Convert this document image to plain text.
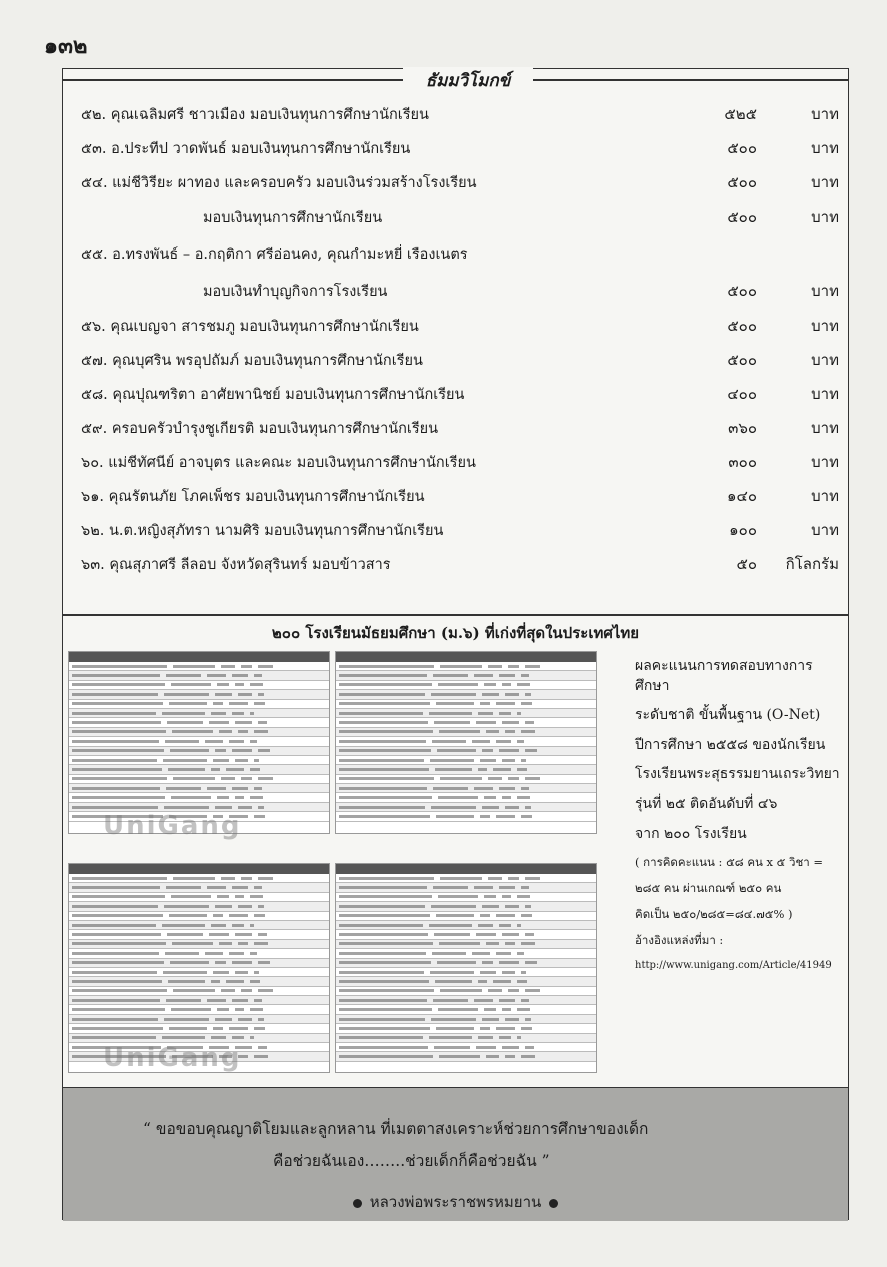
๑๓๒
ธัมมวิโมกข์
๕๒. คุณเฉลิมศรี ชาวเมือง มอบเงินทุนการศึกษานักเรียน	๕๒๕	บาท
๕๓. อ.ประทีป วาดพันธ์ มอบเงินทุนการศึกษานักเรียน	๕๐๐	บาท
๕๔. แม่ชีวิรียะ ผาทอง และครอบครัว มอบเงินร่วมสร้างโรงเรียน	๕๐๐	บาท
มอบเงินทุนการศึกษานักเรียน	๕๐๐	บาท
๕๕. อ.ทรงพันธ์ – อ.กฤติกา ศรีอ่อนคง, คุณกำมะหยี่ เรืองเนตร
มอบเงินทำบุญกิจการโรงเรียน	๕๐๐	บาท
๕๖. คุณเบญจา สารชมภู มอบเงินทุนการศึกษานักเรียน	๕๐๐	บาท
๕๗. คุณบุศริน พรอุปถัมภ์ มอบเงินทุนการศึกษานักเรียน	๕๐๐	บาท
๕๘. คุณปุณฑริตา อาศัยพานิชย์ มอบเงินทุนการศึกษานักเรียน	๔๐๐	บาท
๕๙. ครอบครัวบำรุงชูเกียรติ มอบเงินทุนการศึกษานักเรียน	๓๖๐	บาท
๖๐. แม่ชีทัศนีย์ อาจบุตร และคณะ มอบเงินทุนการศึกษานักเรียน	๓๐๐	บาท
๖๑. คุณรัตนภัย โภคเพ็ชร มอบเงินทุนการศึกษานักเรียน	๑๔๐	บาท
๖๒. น.ต.หญิงสุภัทรา นามศิริ มอบเงินทุนการศึกษานักเรียน	๑๐๐	บาท
๖๓. คุณสุภาศรี ลีลอบ จังหวัดสุรินทร์ มอบข้าวสาร	๕๐	กิโลกรัม
๒๐๐ โรงเรียนมัธยมศึกษา (ม.๖) ที่เก่งที่สุดในประเทศไทย
UniGang
UniGang

ผลคะแนนการทดสอบทางการศึกษา

ระดับชาติ ขั้นพื้นฐาน (O-Net)

ปีการศึกษา ๒๕๕๘ ของนักเรียน

โรงเรียนพระสุธรรมยานเถระวิทยา

รุ่นที่ ๒๕ ติดอันดับที่ ๔๖

จาก ๒๐๐ โรงเรียน

( การคิดคะแนน : ๕๘ คน x ๕ วิชา =

๒๘๕ คน ผ่านเกณฑ์ ๒๕๐ คน

คิดเป็น ๒๕๐/๒๘๕=๘๔.๗๕% )

อ้างอิงแหล่งที่มา :

http://www.unigang.com/Article/41949

“ ขอขอบคุณญาติโยมและลูกหลาน ที่เมตตาสงเคราะห์ช่วยการศึกษาของเด็ก
คือช่วยฉันเอง……..ช่วยเด็กก็คือช่วยฉัน ”
หลวงพ่อพระราชพรหมยาน
